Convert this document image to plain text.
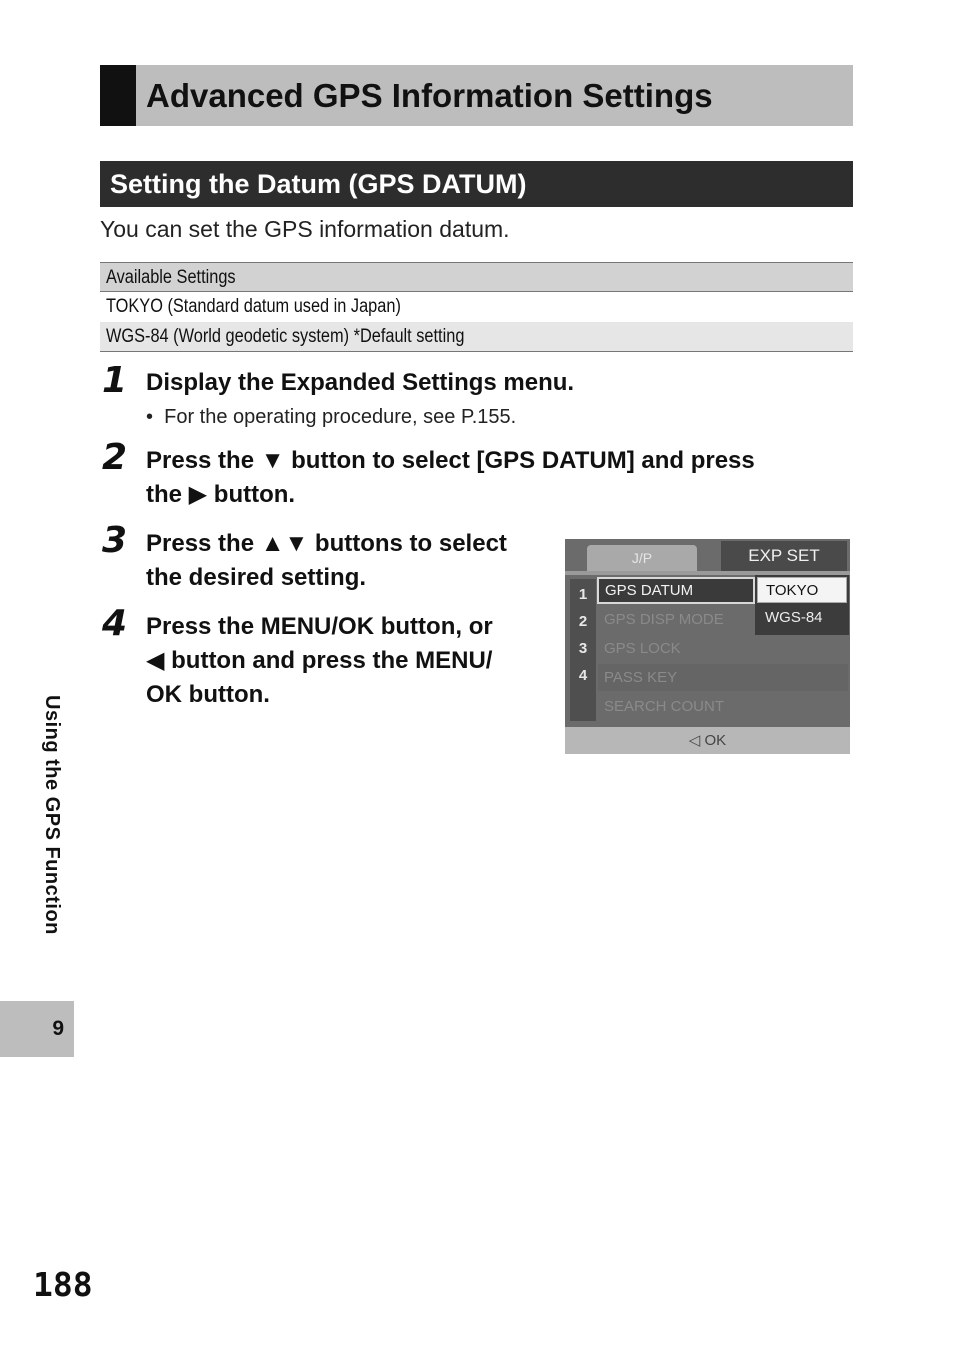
Advanced GPS Information Settings
Setting the Datum (GPS DATUM)
You can set the GPS information datum.
Available Settings
TOKYO (Standard datum used in Japan)
WGS-84 (World geodetic system) *Default setting
1 Display the Expanded Settings menu.
•  For the operating procedure, see P.155.
2 Press the ▼ button to select [GPS DATUM] and press
the ▶ button.
3 Press the ▲▼ buttons to select
the desired setting.
4 Press the MENU/OK button, or
◀ button and press the MENU/
OK button.
J/P	EXP SET
1
2
3
4
GPS DATUM
GPS DISP MODE
GPS LOCK
PASS KEY
SEARCH COUNT
TOKYO
WGS-84
◁ OK
Using the GPS Function
9
188
